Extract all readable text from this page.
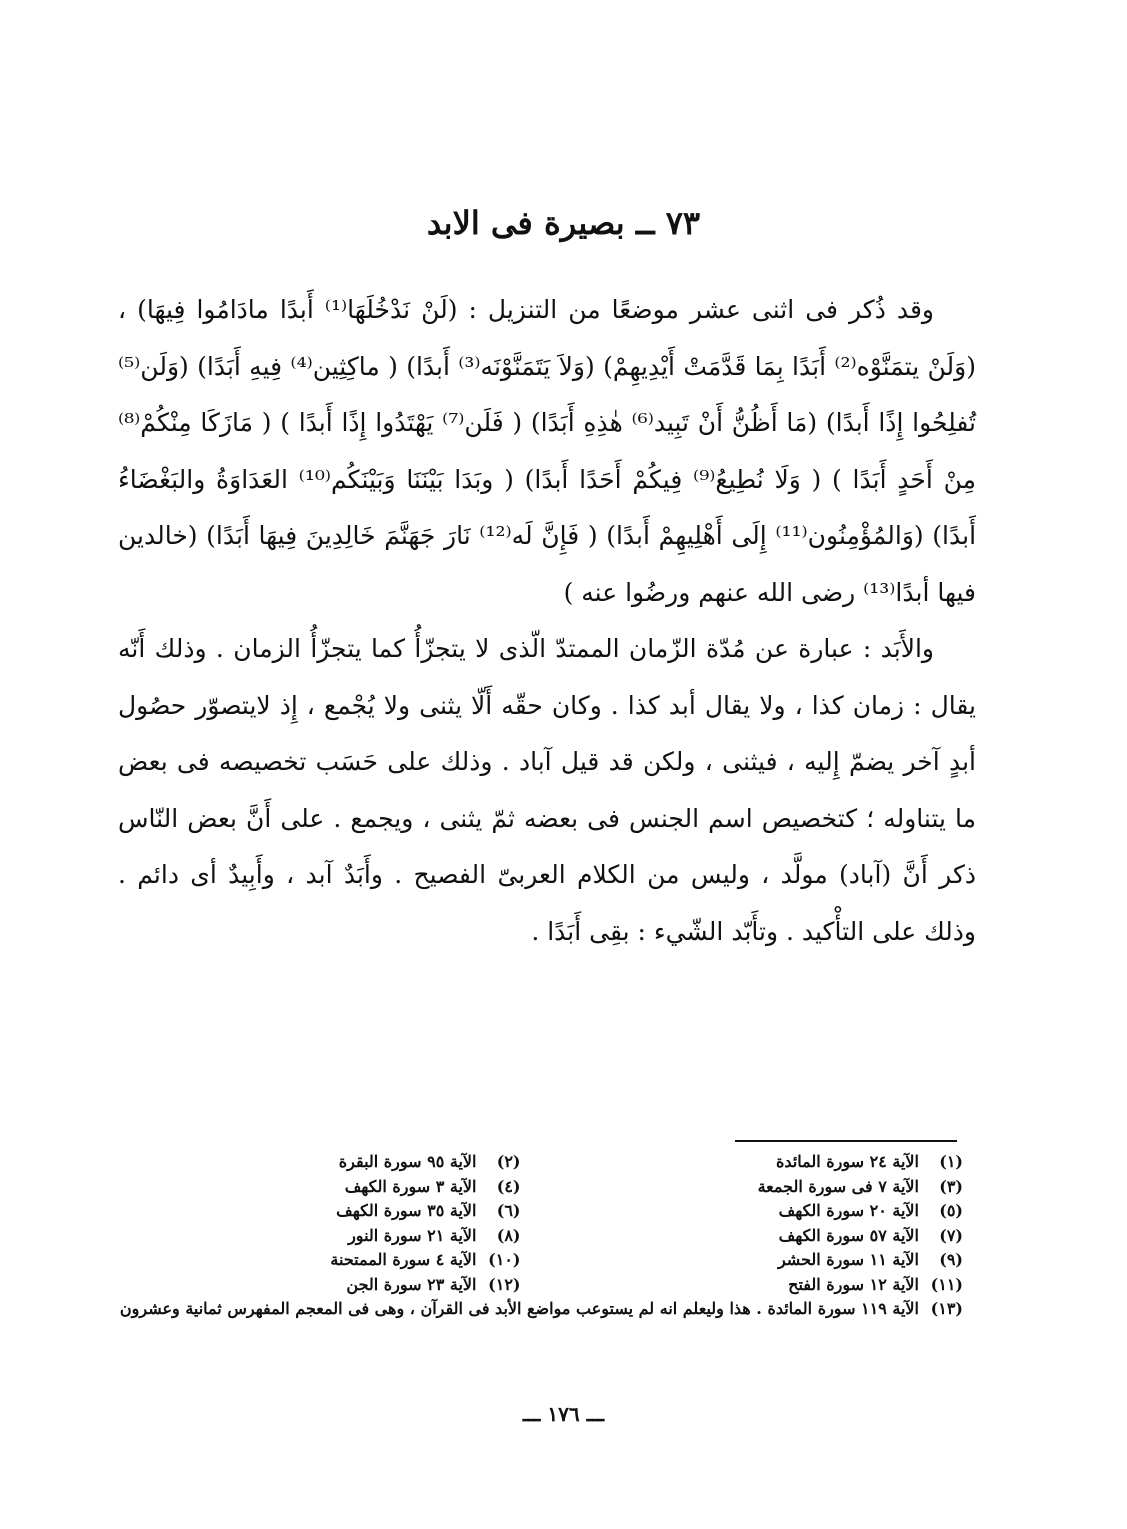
٧٣ ــ بصيرة فى الابد

وقد ذُكر فى اثنى عشر موضعًا من التنزيل : (لَنْ نَدْخُلَهَا⁽¹⁾ أَبدًا مادَامُوا فِيهَا) ، (وَلَنْ يتمَنَّوْه⁽²⁾ أَبَدًا بِمَا قَدَّمَتْ أَيْدِيهِمْ) (وَلاَ يَتَمَنَّوْنَه⁽³⁾ أَبدًا) ( ماكِثِين⁽⁴⁾ فِيهِ أَبَدًا) (وَلَن⁽⁵⁾ تُفلِحُوا إِذًا أَبدًا) (مَا أَظُنُّ أَنْ تَبِيد⁽⁶⁾ هٰذِهِ أَبَدًا) ( فَلَن⁽⁷⁾ يَهْتَدُوا إِذًا أَبدًا ) ( مَازَكَا مِنْكُمْ⁽⁸⁾ مِنْ أَحَدٍ أَبَدًا ) ( وَلَا نُطِيعُ⁽⁹⁾ فِيكُمْ أَحَدًا أَبدًا) ( وبَدَا بَيْنَنَا وَبَيْنَكُم⁽¹⁰⁾ العَدَاوَةُ والبَغْضَاءُ أَبدًا) (وَالمُؤْمِنُون⁽¹¹⁾ إِلَى أَهْلِيهِمْ أَبدًا) ( فَإِنَّ لَه⁽¹²⁾ نَارَ جَهَنَّمَ خَالِدِينَ فِيهَا أَبَدًا) (خالدين فيها أبدًا⁽¹³⁾ رضى الله عنهم ورضُوا عنه )

والأَبَد : عبارة عن مُدّة الزّمان الممتدّ الّذى لا يتجزّأُ كما يتجزّأُ الزمان . وذلك أَنّه يقال : زمان كذا ، ولا يقال أبد كذا . وكان حقّه أَلّا يثنى ولا يُجْمع ، إِذ لايتصوّر حصُول أبدٍ آخر يضمّ إِليه ، فيثنى ، ولكن قد قيل آباد . وذلك على حَسَب تخصيصه فى بعض ما يتناوله ؛ كتخصيص اسم الجنس فى بعضه ثمّ يثنى ، ويجمع . على أَنَّ بعض النّاس ذكر أَنَّ (آباد) مولَّد ، وليس من الكلام العربىّ الفصيح . وأَبَدٌ آبد ، وأَبِيدٌ أى دائم . وذلك على التأْكيد . وتأَبّد الشّيء : بقِى أَبَدًا .

(١)الآية ٢٤ سورة المائدة
(٢)الآية ٩٥ سورة البقرة
(٣)الآية ٧ فى سورة الجمعة
(٤)الآية ٣ سورة الكهف
(٥)الآية ٢٠ سورة الكهف
(٦)الآية ٣٥ سورة الكهف
(٧)الآية ٥٧ سورة الكهف
(٨)الآية ٢١ سورة النور
(٩)الآية ١١ سورة الحشر
(١٠)الآية ٤ سورة الممتحنة
(١١)الآية ١٢ سورة الفتح
(١٢)الآية ٢٣ سورة الجن
(١٣)الآية ١١٩ سورة المائدة . هذا وليعلم انه لم يستوعب مواضع الأبد فى القرآن ، وهى فى المعجم المفهرس ثمانية وعشرون
ـــ ١٧٦ ـــ
